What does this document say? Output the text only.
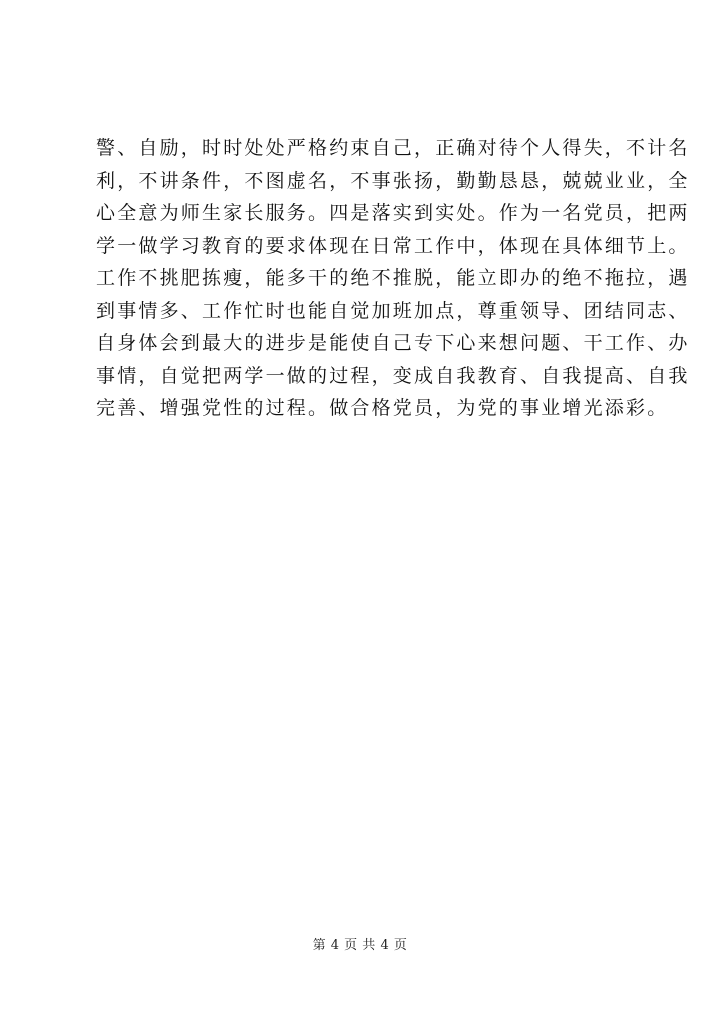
警、自励，时时处处严格约束自己，正确对待个人得失，不计名
利，不讲条件，不图虚名，不事张扬，勤勤恳恳，兢兢业业，全
心全意为师生家长服务。四是落实到实处。作为一名党员，把两
学一做学习教育的要求体现在日常工作中，体现在具体细节上。
工作不挑肥拣瘦，能多干的绝不推脱，能立即办的绝不拖拉，遇
到事情多、工作忙时也能自觉加班加点，尊重领导、团结同志、
自身体会到最大的进步是能使自己专下心来想问题、干工作、办
事情，自觉把两学一做的过程，变成自我教育、自我提高、自我
完善、增强党性的过程。做合格党员，为党的事业增光添彩。
第 4 页 共 4 页
